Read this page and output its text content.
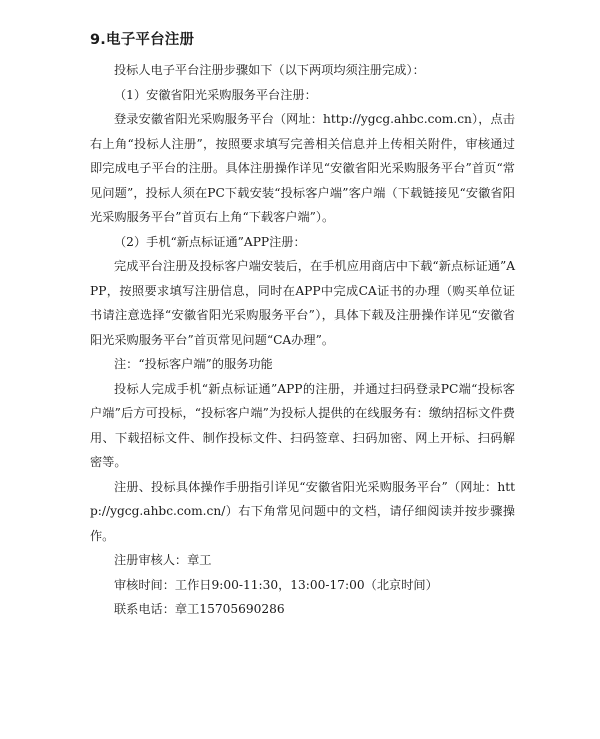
9.电子平台注册

投标人电子平台注册步骤如下（以下两项均须注册完成）：

（1）安徽省阳光采购服务平台注册：

登录安徽省阳光采购服务平台（网址：http://ygcg.ahbc.com.cn），点击右上角“投标人注册”，按照要求填写完善相关信息并上传相关附件，审核通过即完成电子平台的注册。具体注册操作详见“安徽省阳光采购服务平台”首页“常见问题”，投标人须在PC下载安装“投标客户端”客户端（下载链接见“安徽省阳光采购服务平台”首页右上角“下载客户端”）。

（2）手机“新点标证通”APP注册：

完成平台注册及投标客户端安装后，在手机应用商店中下载“新点标证通”APP，按照要求填写注册信息，同时在APP中完成CA证书的办理（购买单位证书请注意选择“安徽省阳光采购服务平台”），具体下载及注册操作详见“安徽省阳光采购服务平台”首页常见问题“CA办理”。

注：“投标客户端”的服务功能

投标人完成手机“新点标证通”APP的注册，并通过扫码登录PC端“投标客户端”后方可投标，“投标客户端”为投标人提供的在线服务有：缴纳招标文件费用、下载招标文件、制作投标文件、扫码签章、扫码加密、网上开标、扫码解密等。

注册、投标具体操作手册指引详见“安徽省阳光采购服务平台”（网址：http://ygcg.ahbc.com.cn/）右下角常见问题中的文档，请仔细阅读并按步骤操作。

注册审核人：章工

审核时间：工作日9:00-11:30，13:00-17:00（北京时间）

联系电话：章工15705690286
